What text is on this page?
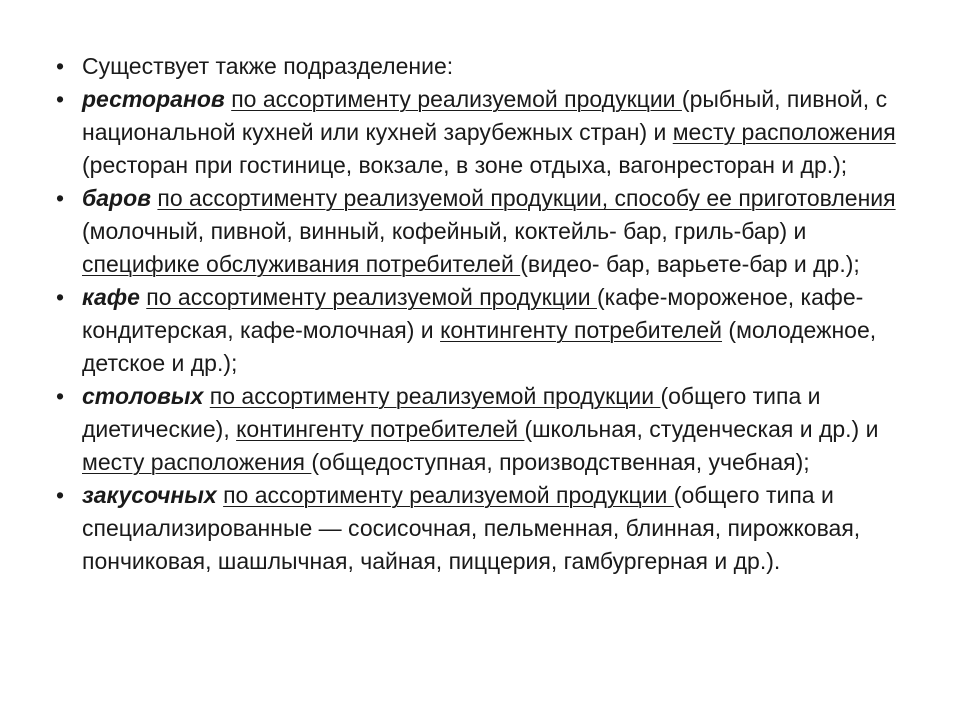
• Существует также подразделение:
• ресторанов по ассортименту реализуемой продукции (рыбный, пивной, с национальной кухней или кухней зарубежных стран) и месту расположения (ресторан при гостинице, вокзале, в зоне отдыха, вагонресторан и др.);
• баров по ассортименту реализуемой продукции, способу ее приготовления (молочный, пивной, винный, кофейный, коктейль- бар, гриль-бар) и специфике обслуживания потребителей (видео- бар, варьете-бар и др.);
• кафе по ассортименту реализуемой продукции (кафе-мороженое, кафе-кондитерская, кафе-молочная) и контингенту потребителей (молодежное, детское и др.);
• столовых по ассортименту реализуемой продукции (общего типа и диетические), контингенту потребителей (школьная, студенческая и др.) и месту расположения (общедоступная, производственная, учебная);
• закусочных по ассортименту реализуемой продукции (общего типа и специализированные — сосисочная, пельменная, блинная, пирожковая, пончиковая, шашлычная, чайная, пиццерия, гамбургерная и др.).
